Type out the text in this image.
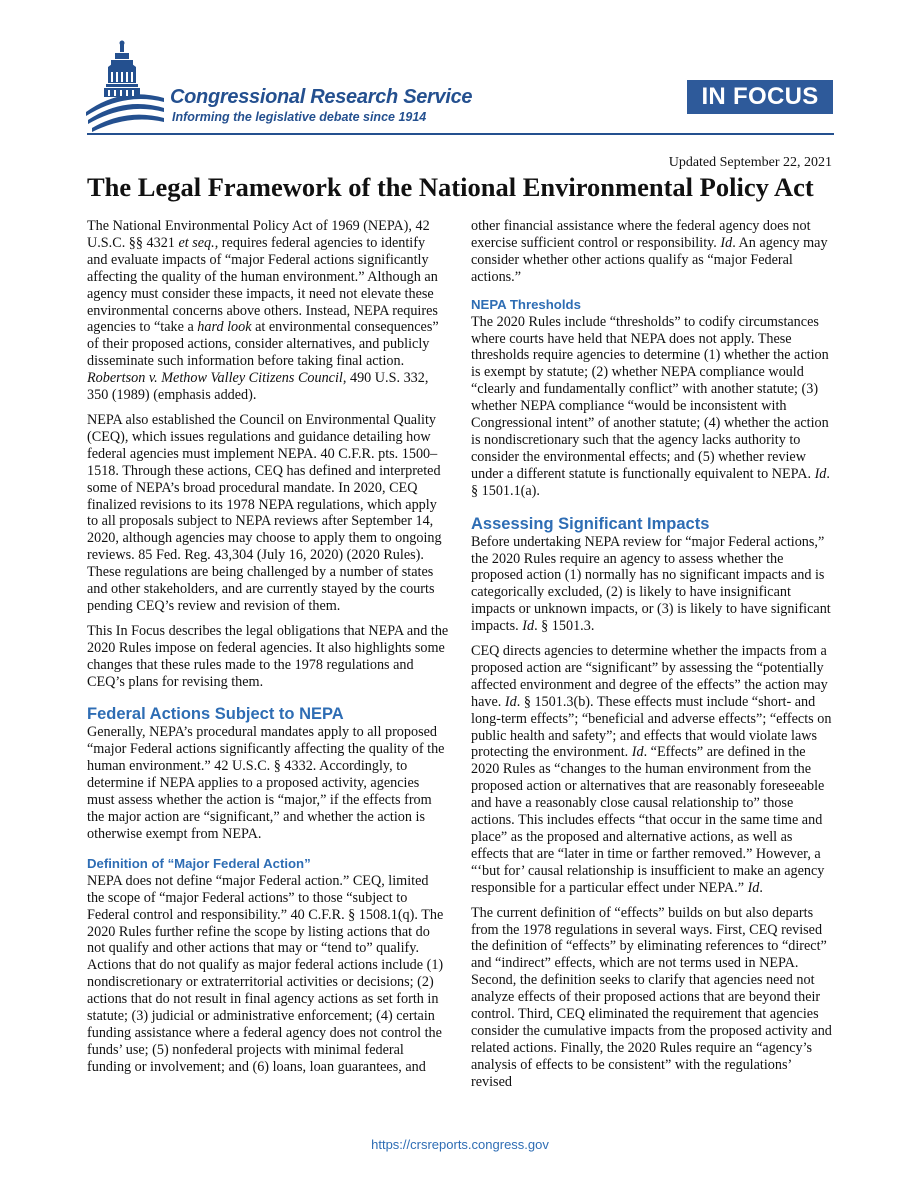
Congressional Research Service

Informing the legislative debate since 1914

IN FOCUS
Updated September 22, 2021
The Legal Framework of the National Environmental Policy Act

The National Environmental Policy Act of 1969 (NEPA), 42 U.S.C. §§ 4321 et seq., requires federal agencies to identify and evaluate impacts of “major Federal actions significantly affecting the quality of the human environment.” Although an agency must consider these impacts, it need not elevate these environmental concerns above others. Instead, NEPA requires agencies to “take a hard look at environmental consequences” of their proposed actions, consider alternatives, and publicly disseminate such information before taking final action. Robertson v. Methow Valley Citizens Council, 490 U.S. 332, 350 (1989) (emphasis added).

NEPA also established the Council on Environmental Quality (CEQ), which issues regulations and guidance detailing how federal agencies must implement NEPA. 40 C.F.R. pts. 1500–1518. Through these actions, CEQ has defined and interpreted some of NEPA’s broad procedural mandate. In 2020, CEQ finalized revisions to its 1978 NEPA regulations, which apply to all proposals subject to NEPA reviews after September 14, 2020, although agencies may choose to apply them to ongoing reviews. 85 Fed. Reg. 43,304 (July 16, 2020) (2020 Rules). These regulations are being challenged by a number of states and other stakeholders, and are currently stayed by the courts pending CEQ’s review and revision of them.

This In Focus describes the legal obligations that NEPA and the 2020 Rules impose on federal agencies. It also highlights some changes that these rules made to the 1978 regulations and CEQ’s plans for revising them.

Federal Actions Subject to NEPA

Generally, NEPA’s procedural mandates apply to all proposed “major Federal actions significantly affecting the quality of the human environment.” 42 U.S.C. § 4332. Accordingly, to determine if NEPA applies to a proposed activity, agencies must assess whether the action is “major,” if the effects from the major action are “significant,” and whether the action is otherwise exempt from NEPA.

Definition of “Major Federal Action”

NEPA does not define “major Federal action.” CEQ, limited the scope of “major Federal actions” to those “subject to Federal control and responsibility.” 40 C.F.R. § 1508.1(q). The 2020 Rules further refine the scope by listing actions that do not qualify and other actions that may or “tend to” qualify. Actions that do not qualify as major federal actions include (1) nondiscretionary or extraterritorial activities or decisions; (2) actions that do not result in final agency actions as set forth in statute; (3) judicial or administrative enforcement; (4) certain funding assistance where a federal agency does not control the funds’ use; (5) nonfederal projects with minimal federal funding or involvement; and (6) loans, loan guarantees, and

other financial assistance where the federal agency does not exercise sufficient control or responsibility. Id. An agency may consider whether other actions qualify as “major Federal actions.”

NEPA Thresholds

The 2020 Rules include “thresholds” to codify circumstances where courts have held that NEPA does not apply. These thresholds require agencies to determine (1) whether the action is exempt by statute; (2) whether NEPA compliance would “clearly and fundamentally conflict” with another statute; (3) whether NEPA compliance “would be inconsistent with Congressional intent” of another statute; (4) whether the action is nondiscretionary such that the agency lacks authority to consider the environmental effects; and (5) whether review under a different statute is functionally equivalent to NEPA. Id. § 1501.1(a).

Assessing Significant Impacts

Before undertaking NEPA review for “major Federal actions,” the 2020 Rules require an agency to assess whether the proposed action (1) normally has no significant impacts and is categorically excluded, (2) is likely to have insignificant impacts or unknown impacts, or (3) is likely to have significant impacts. Id. § 1501.3.

CEQ directs agencies to determine whether the impacts from a proposed action are “significant” by assessing the “potentially affected environment and degree of the effects” the action may have. Id. § 1501.3(b). These effects must include “short- and long-term effects”; “beneficial and adverse effects”; “effects on public health and safety”; and effects that would violate laws protecting the environment. Id. “Effects” are defined in the 2020 Rules as “changes to the human environment from the proposed action or alternatives that are reasonably foreseeable and have a reasonably close causal relationship to” those actions. This includes effects “that occur in the same time and place” as the proposed and alternative actions, as well as effects that are “later in time or farther removed.” However, a “‘but for’ causal relationship is insufficient to make an agency responsible for a particular effect under NEPA.” Id.

The current definition of “effects” builds on but also departs from the 1978 regulations in several ways. First, CEQ revised the definition of “effects” by eliminating references to “direct” and “indirect” effects, which are not terms used in NEPA. Second, the definition seeks to clarify that agencies need not analyze effects of their proposed actions that are beyond their control. Third, CEQ eliminated the requirement that agencies consider the cumulative impacts from the proposed activity and related actions. Finally, the 2020 Rules require an “agency’s analysis of effects to be consistent” with the regulations’ revised

https://crsreports.congress.gov
